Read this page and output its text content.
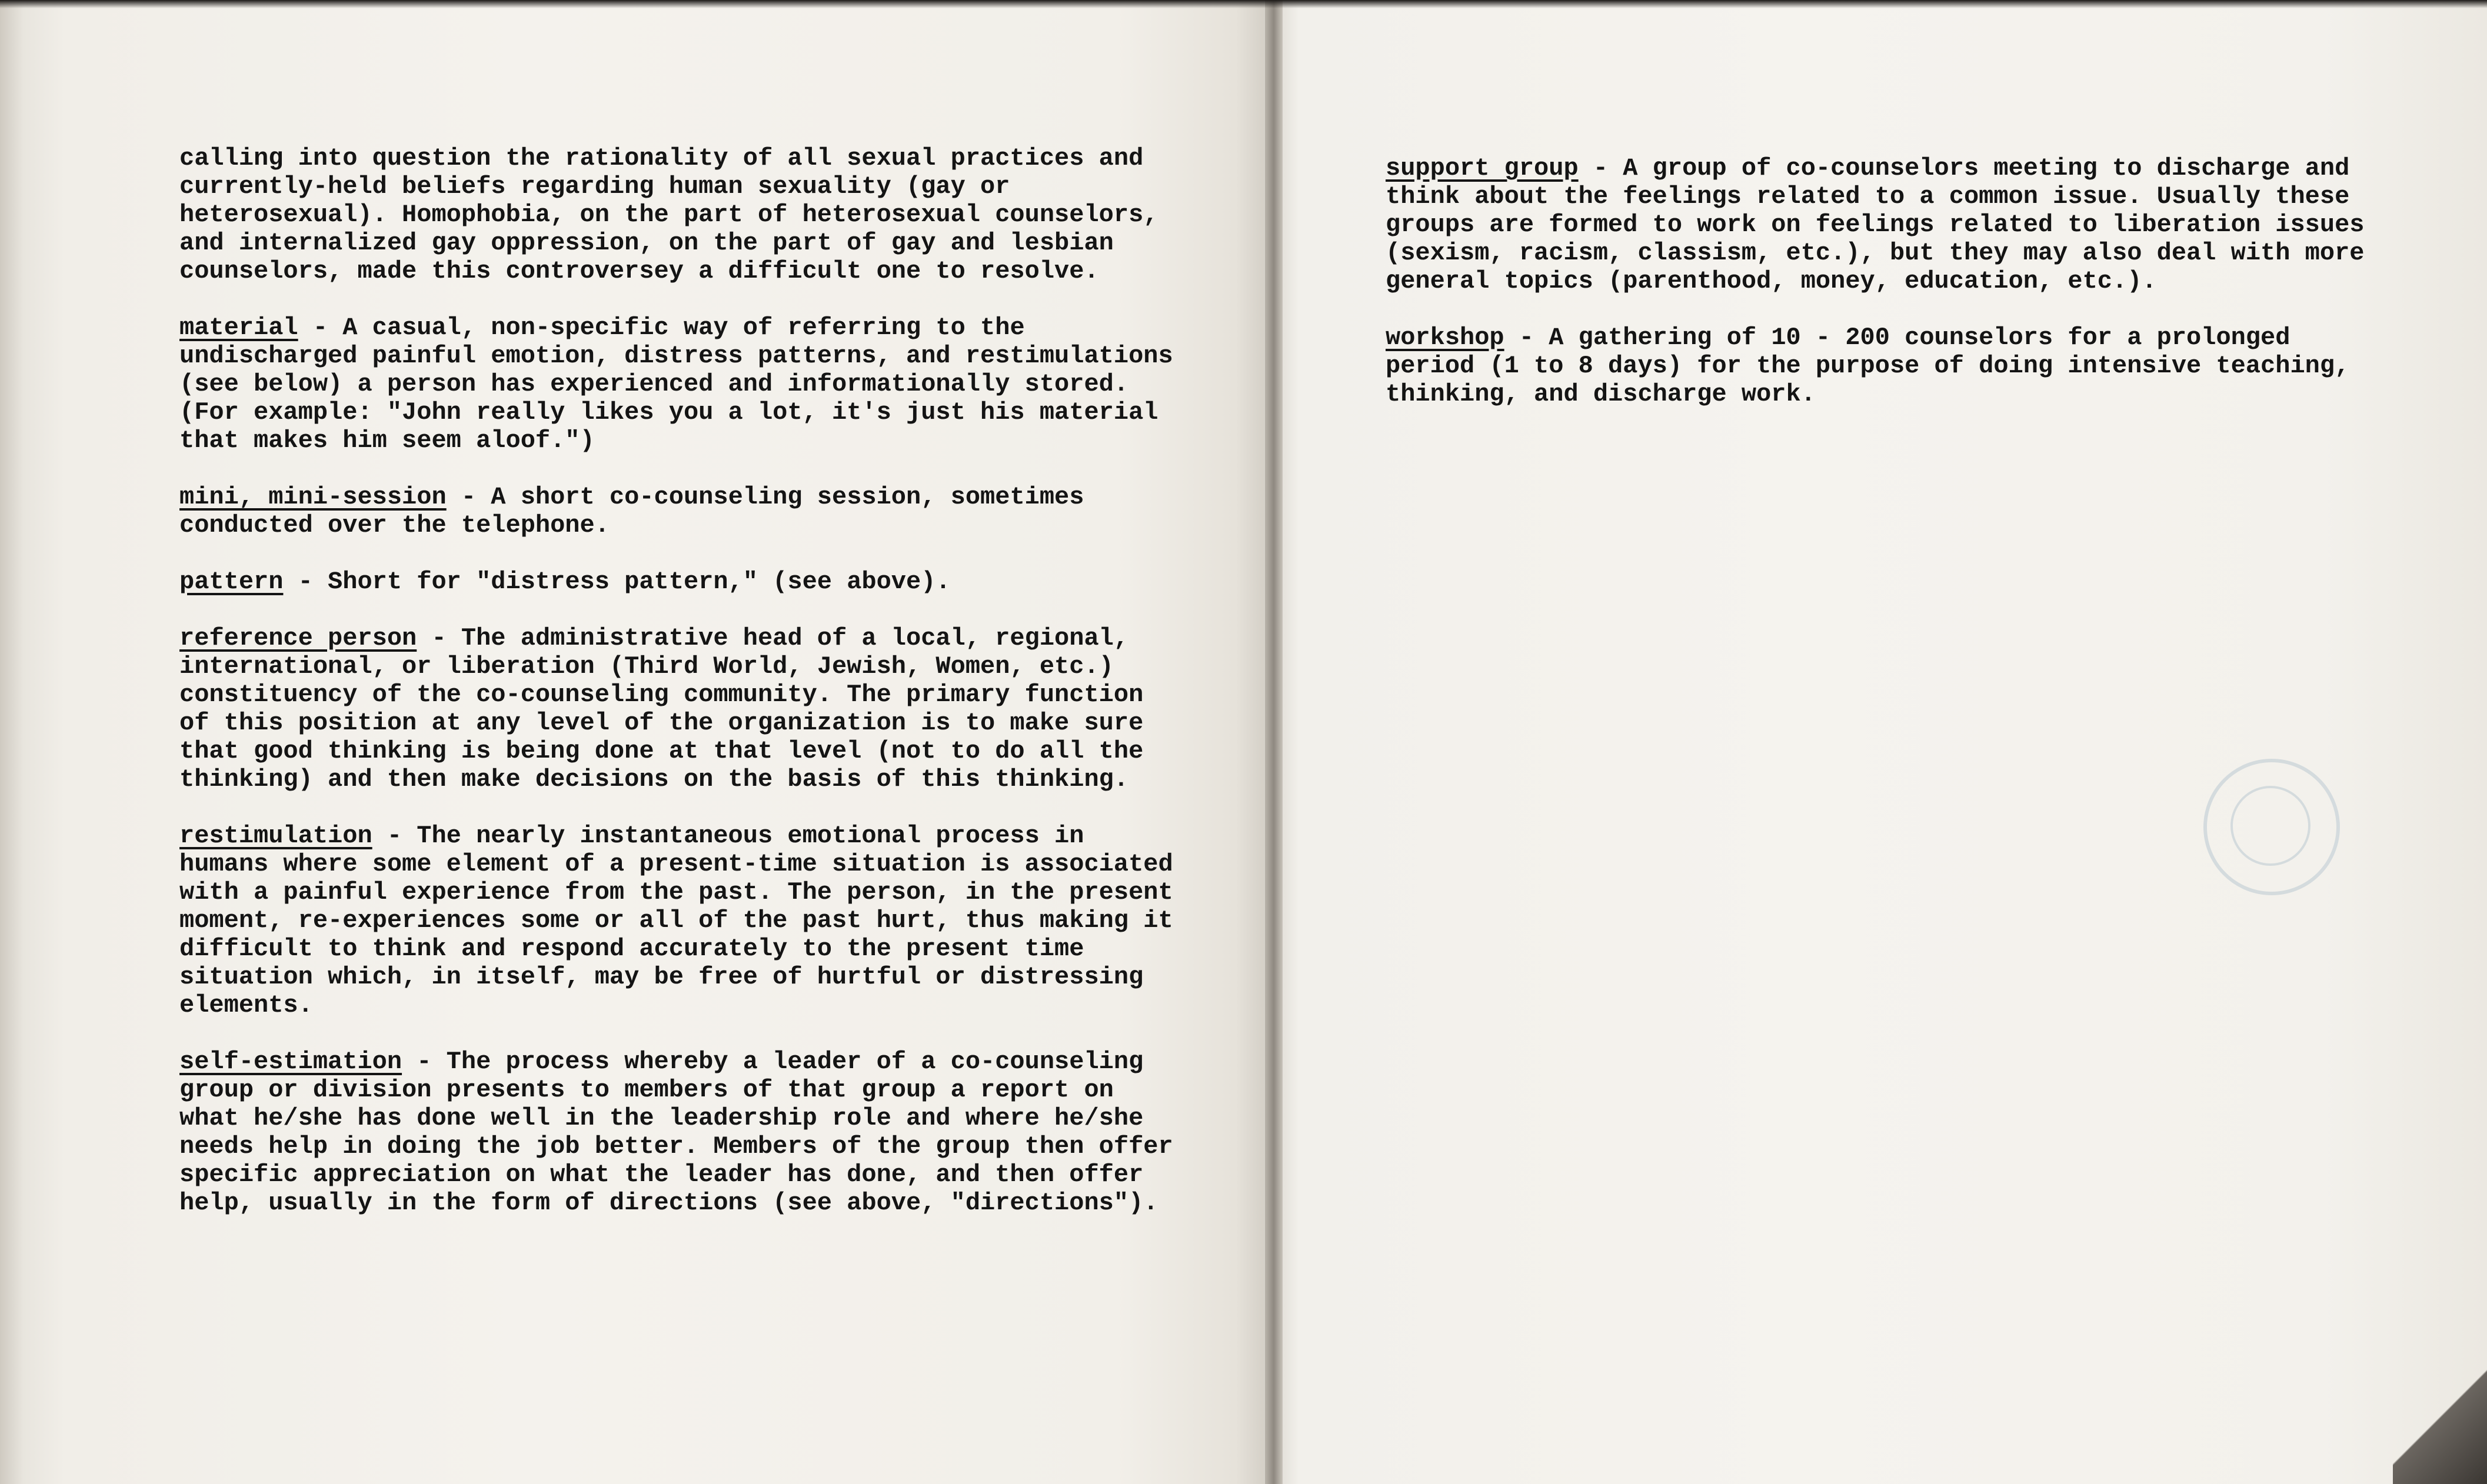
calling into question the rationality of all sexual practices and currently-held beliefs regarding human sexuality (gay or heterosexual). Homophobia, on the part of heterosexual counselors, and internalized gay oppression, on the part of gay and lesbian counselors, made this controversey a difficult one to resolve.

material - A casual, non-specific way of referring to the undischarged painful emotion, distress patterns, and restimulations (see below) a person has experienced and informationally stored. (For example: "John really likes you a lot, it's just his material that makes him seem aloof.")

mini, mini-session - A short co-counseling session, sometimes conducted over the telephone.

pattern - Short for "distress pattern," (see above).

reference person - The administrative head of a local, regional, international, or liberation (Third World, Jewish, Women, etc.) constituency of the co-counseling community. The primary function of this position at any level of the organization is to make sure that good thinking is being done at that level (not to do all the thinking) and then make decisions on the basis of this thinking.

restimulation - The nearly instantaneous emotional process in humans where some element of a present-time situation is associated with a painful experience from the past. The person, in the present moment, re-experiences some or all of the past hurt, thus making it difficult to think and respond accurately to the present time situation which, in itself, may be free of hurtful or distressing elements.

self-estimation - The process whereby a leader of a co-counseling group or division presents to members of that group a report on what he/she has done well in the leadership role and where he/she needs help in doing the job better. Members of the group then offer specific appreciation on what the leader has done, and then offer help, usually in the form of directions (see above, "directions").

support group - A group of co-counselors meeting to discharge and think about the feelings related to a common issue. Usually these groups are formed to work on feelings related to liberation issues (sexism, racism, classism, etc.), but they may also deal with more general topics (parenthood, money, education, etc.).

workshop - A gathering of 10 - 200 counselors for a prolonged period (1 to 8 days) for the purpose of doing intensive teaching, thinking, and discharge work.
